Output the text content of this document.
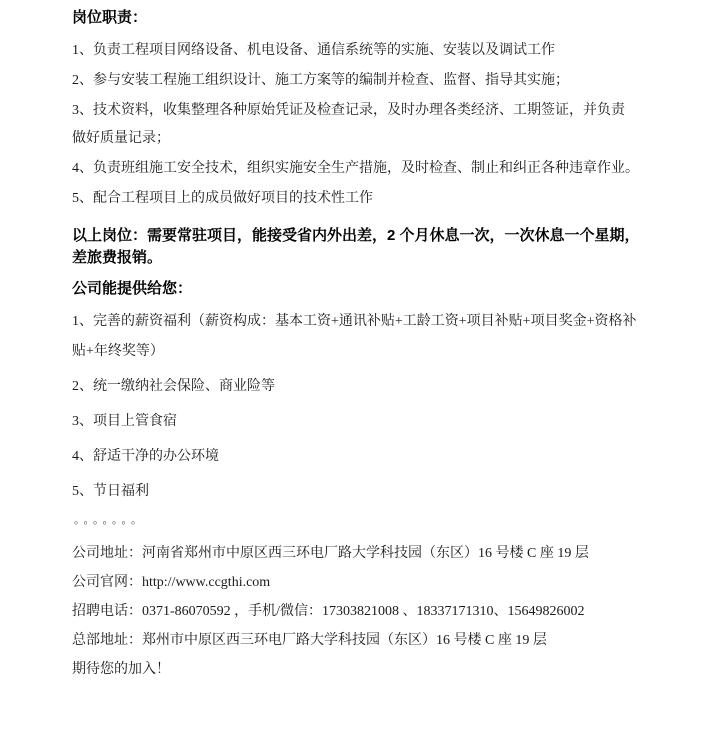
岗位职责：

1、负责工程项目网络设备、机电设备、通信系统等的实施、安装以及调试工作

2、参与安装工程施工组织设计、施工方案等的编制并检查、监督、指导其实施；

3、技术资料，收集整理各种原始凭证及检查记录，及时办理各类经济、工期签证，并负责做好质量记录；

4、负责班组施工安全技术，组织实施安全生产措施，及时检查、制止和纠正各种违章作业。

5、配合工程项目上的成员做好项目的技术性工作

以上岗位：需要常驻项目，能接受省内外出差，2 个月休息一次，一次休息一个星期，差旅费报销。

公司能提供给您：

1、完善的薪资福利（薪资构成：基本工资+通讯补贴+工龄工资+项目补贴+项目奖金+资格补贴+年终奖等）

2、统一缴纳社会保险、商业险等

3、项目上管食宿

4、舒适干净的办公环境

5、节日福利

。。。。。。。

公司地址：河南省郑州市中原区西三环电厂路大学科技园（东区）16 号楼 C 座 19 层

公司官网：http://www.ccgthi.com

招聘电话：0371-86070592 ，手机/微信：17303821008 、18337171310、15649826002

总部地址：郑州市中原区西三环电厂路大学科技园（东区）16 号楼 C 座 19 层

期待您的加入！
